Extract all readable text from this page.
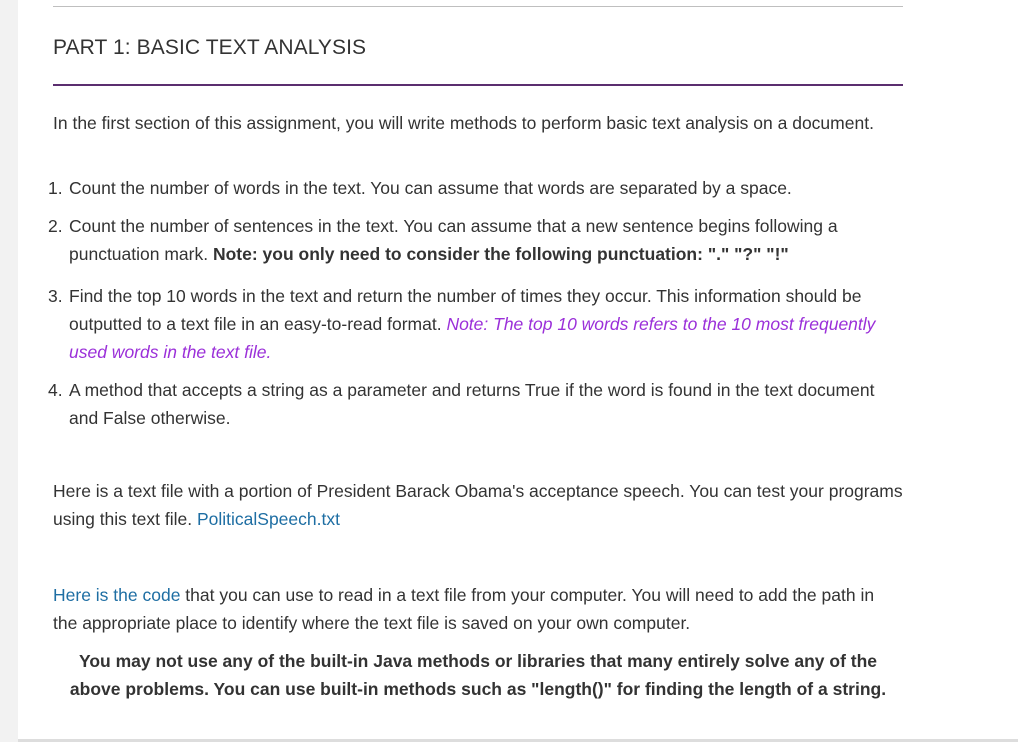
PART 1: BASIC TEXT ANALYSIS

In the first section of this assignment, you will write methods to perform basic text analysis on a document.

1. Count the number of words in the text. You can assume that words are separated by a space.
2. Count the number of sentences in the text. You can assume that a new sentence begins following a punctuation mark. Note: you only need to consider the following punctuation: "." "?" "!"
3. Find the top 10 words in the text and return the number of times they occur. This information should be outputted to a text file in an easy-to-read format. Note: The top 10 words refers to the 10 most frequently used words in the text file.
4. A method that accepts a string as a parameter and returns True if the word is found in the text document and False otherwise.

Here is a text file with a portion of President Barack Obama's acceptance speech. You can test your programs using this text file. PoliticalSpeech.txt

Here is the code that you can use to read in a text file from your computer. You will need to add the path in the appropriate place to identify where the text file is saved on your own computer.

You may not use any of the built-in Java methods or libraries that many entirely solve any of the above problems. You can use built-in methods such as "length()" for finding the length of a string.
